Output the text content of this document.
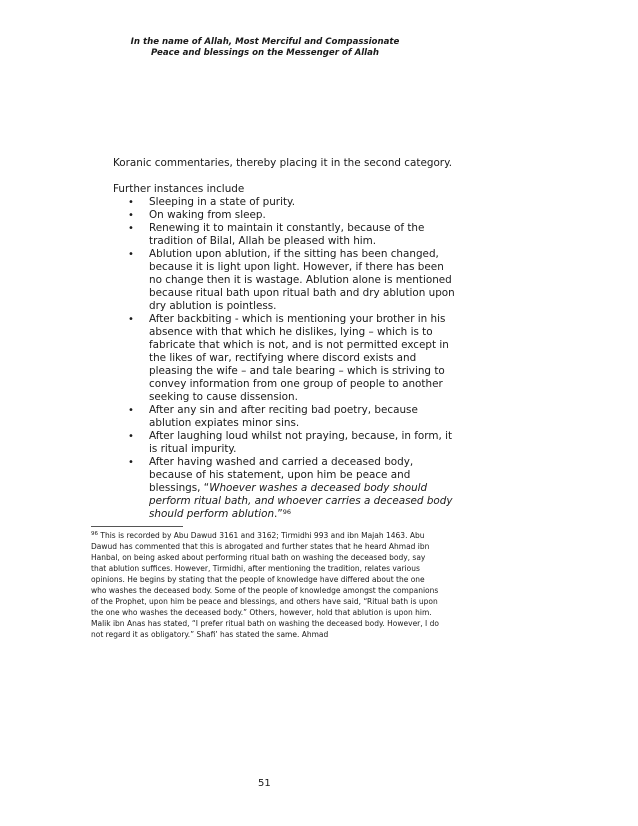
In the name of Allah, Most Merciful and Compassionate
Peace and blessings on the Messenger of Allah

Koranic commentaries, thereby placing it in the second category.

Further instances include

• Sleeping in a state of purity.
• On waking from sleep.
• Renewing it to maintain it constantly, because of the tradition of Bilal, Allah be pleased with him.
• Ablution upon ablution, if the sitting has been changed, because it is light upon light. However, if there has been no change then it is wastage. Ablution alone is mentioned because ritual bath upon ritual bath and dry ablution upon dry ablution is pointless.
• After backbiting - which is mentioning your brother in his absence with that which he dislikes, lying – which is to fabricate that which is not, and is not permitted except in the likes of war, rectifying where discord exists and pleasing the wife – and tale bearing – which is striving to convey information from one group of people to another seeking to cause dissension.
• After any sin and after reciting bad poetry, because ablution expiates minor sins.
• After laughing loud whilst not praying, because, in form, it is ritual impurity.
• After having washed and carried a deceased body, because of his statement, upon him be peace and blessings, “Whoever washes a deceased body should perform ritual bath, and whoever carries a deceased body should perform ablution.”$^{96}$
$^{96}$ This is recorded by Abu Dawud 3161 and 3162; Tirmidhi 993 and ibn Majah 1463. Abu Dawud has commented that this is abrogated and further states that he heard Ahmad ibn Hanbal, on being asked about performing ritual bath on washing the deceased body, say that ablution suffices. However, Tirmidhi, after mentioning the tradition, relates various opinions. He begins by stating that the people of knowledge have differed about the one who washes the deceased body. Some of the people of knowledge amongst the companions of the Prophet, upon him be peace and blessings, and others have said, “Ritual bath is upon the one who washes the deceased body.” Others, however, hold that ablution is upon him. Malik ibn Anas has stated, “I prefer ritual bath on washing the deceased body. However, I do not regard it as obligatory.” Shafi’ has stated the same. Ahmad
51
